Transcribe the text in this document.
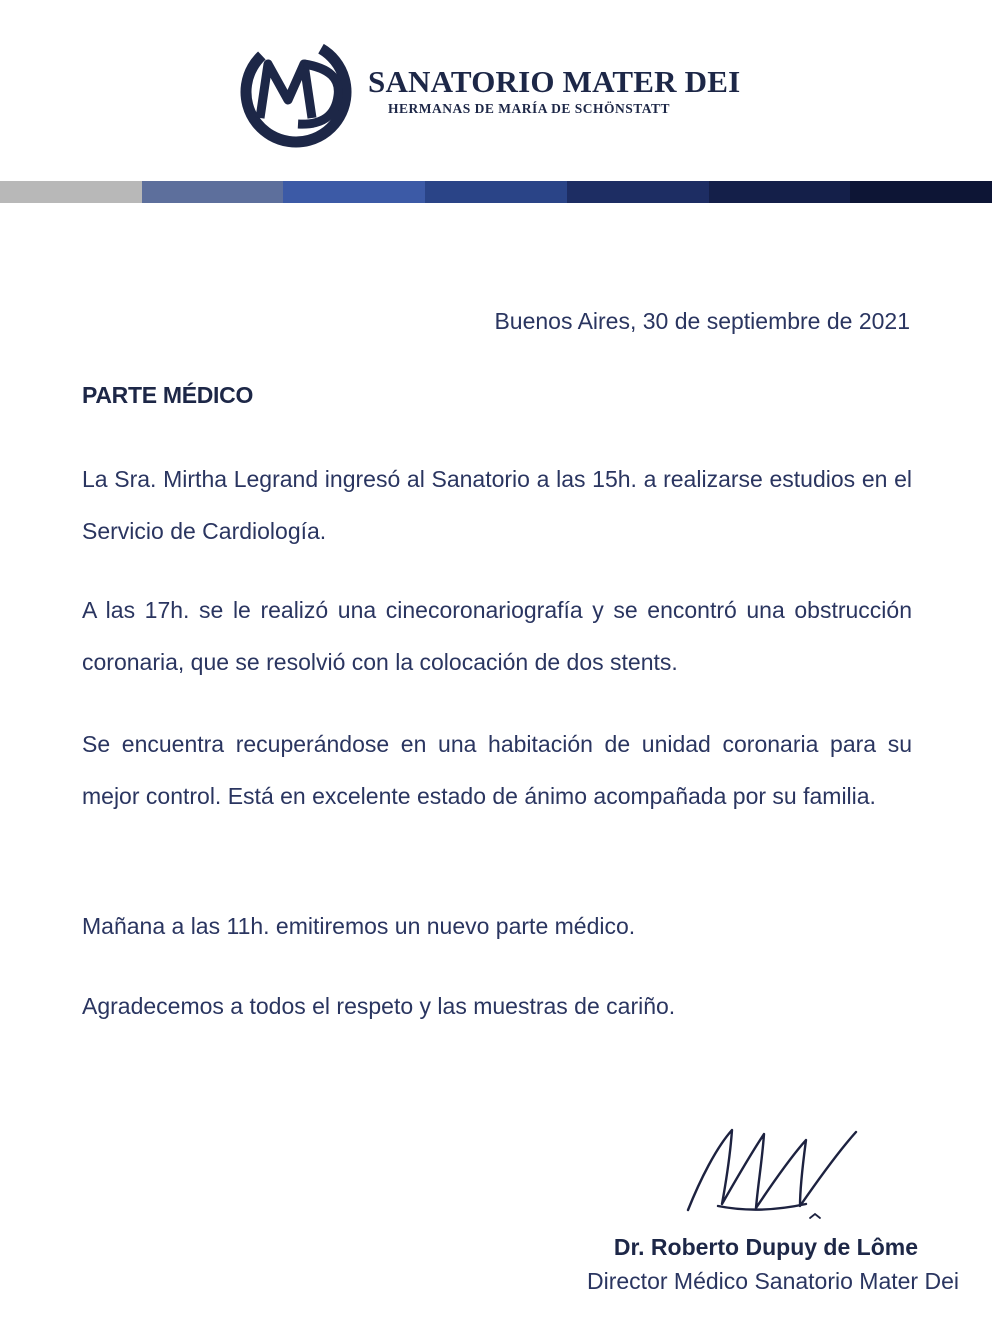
SANATORIO MATER DEI
HERMANAS DE MARÍA DE SCHÖNSTATT
Buenos Aires, 30 de septiembre de 2021
PARTE MÉDICO

La Sra. Mirtha Legrand ingresó al Sanatorio a las 15h. a realizarse estudios en el Servicio de Cardiología.

A las 17h. se le realizó una cinecoronariografía y se encontró una obstrucción coronaria, que se resolvió con la colocación de dos stents.

Se encuentra recuperándose en una habitación de unidad coronaria para su mejor control. Está en excelente estado de ánimo acompañada por su familia.

Mañana a las 11h. emitiremos un nuevo parte médico.

Agradecemos a todos el respeto y las muestras de cariño.

Dr. Roberto Dupuy de Lôme
Director Médico Sanatorio Mater Dei
